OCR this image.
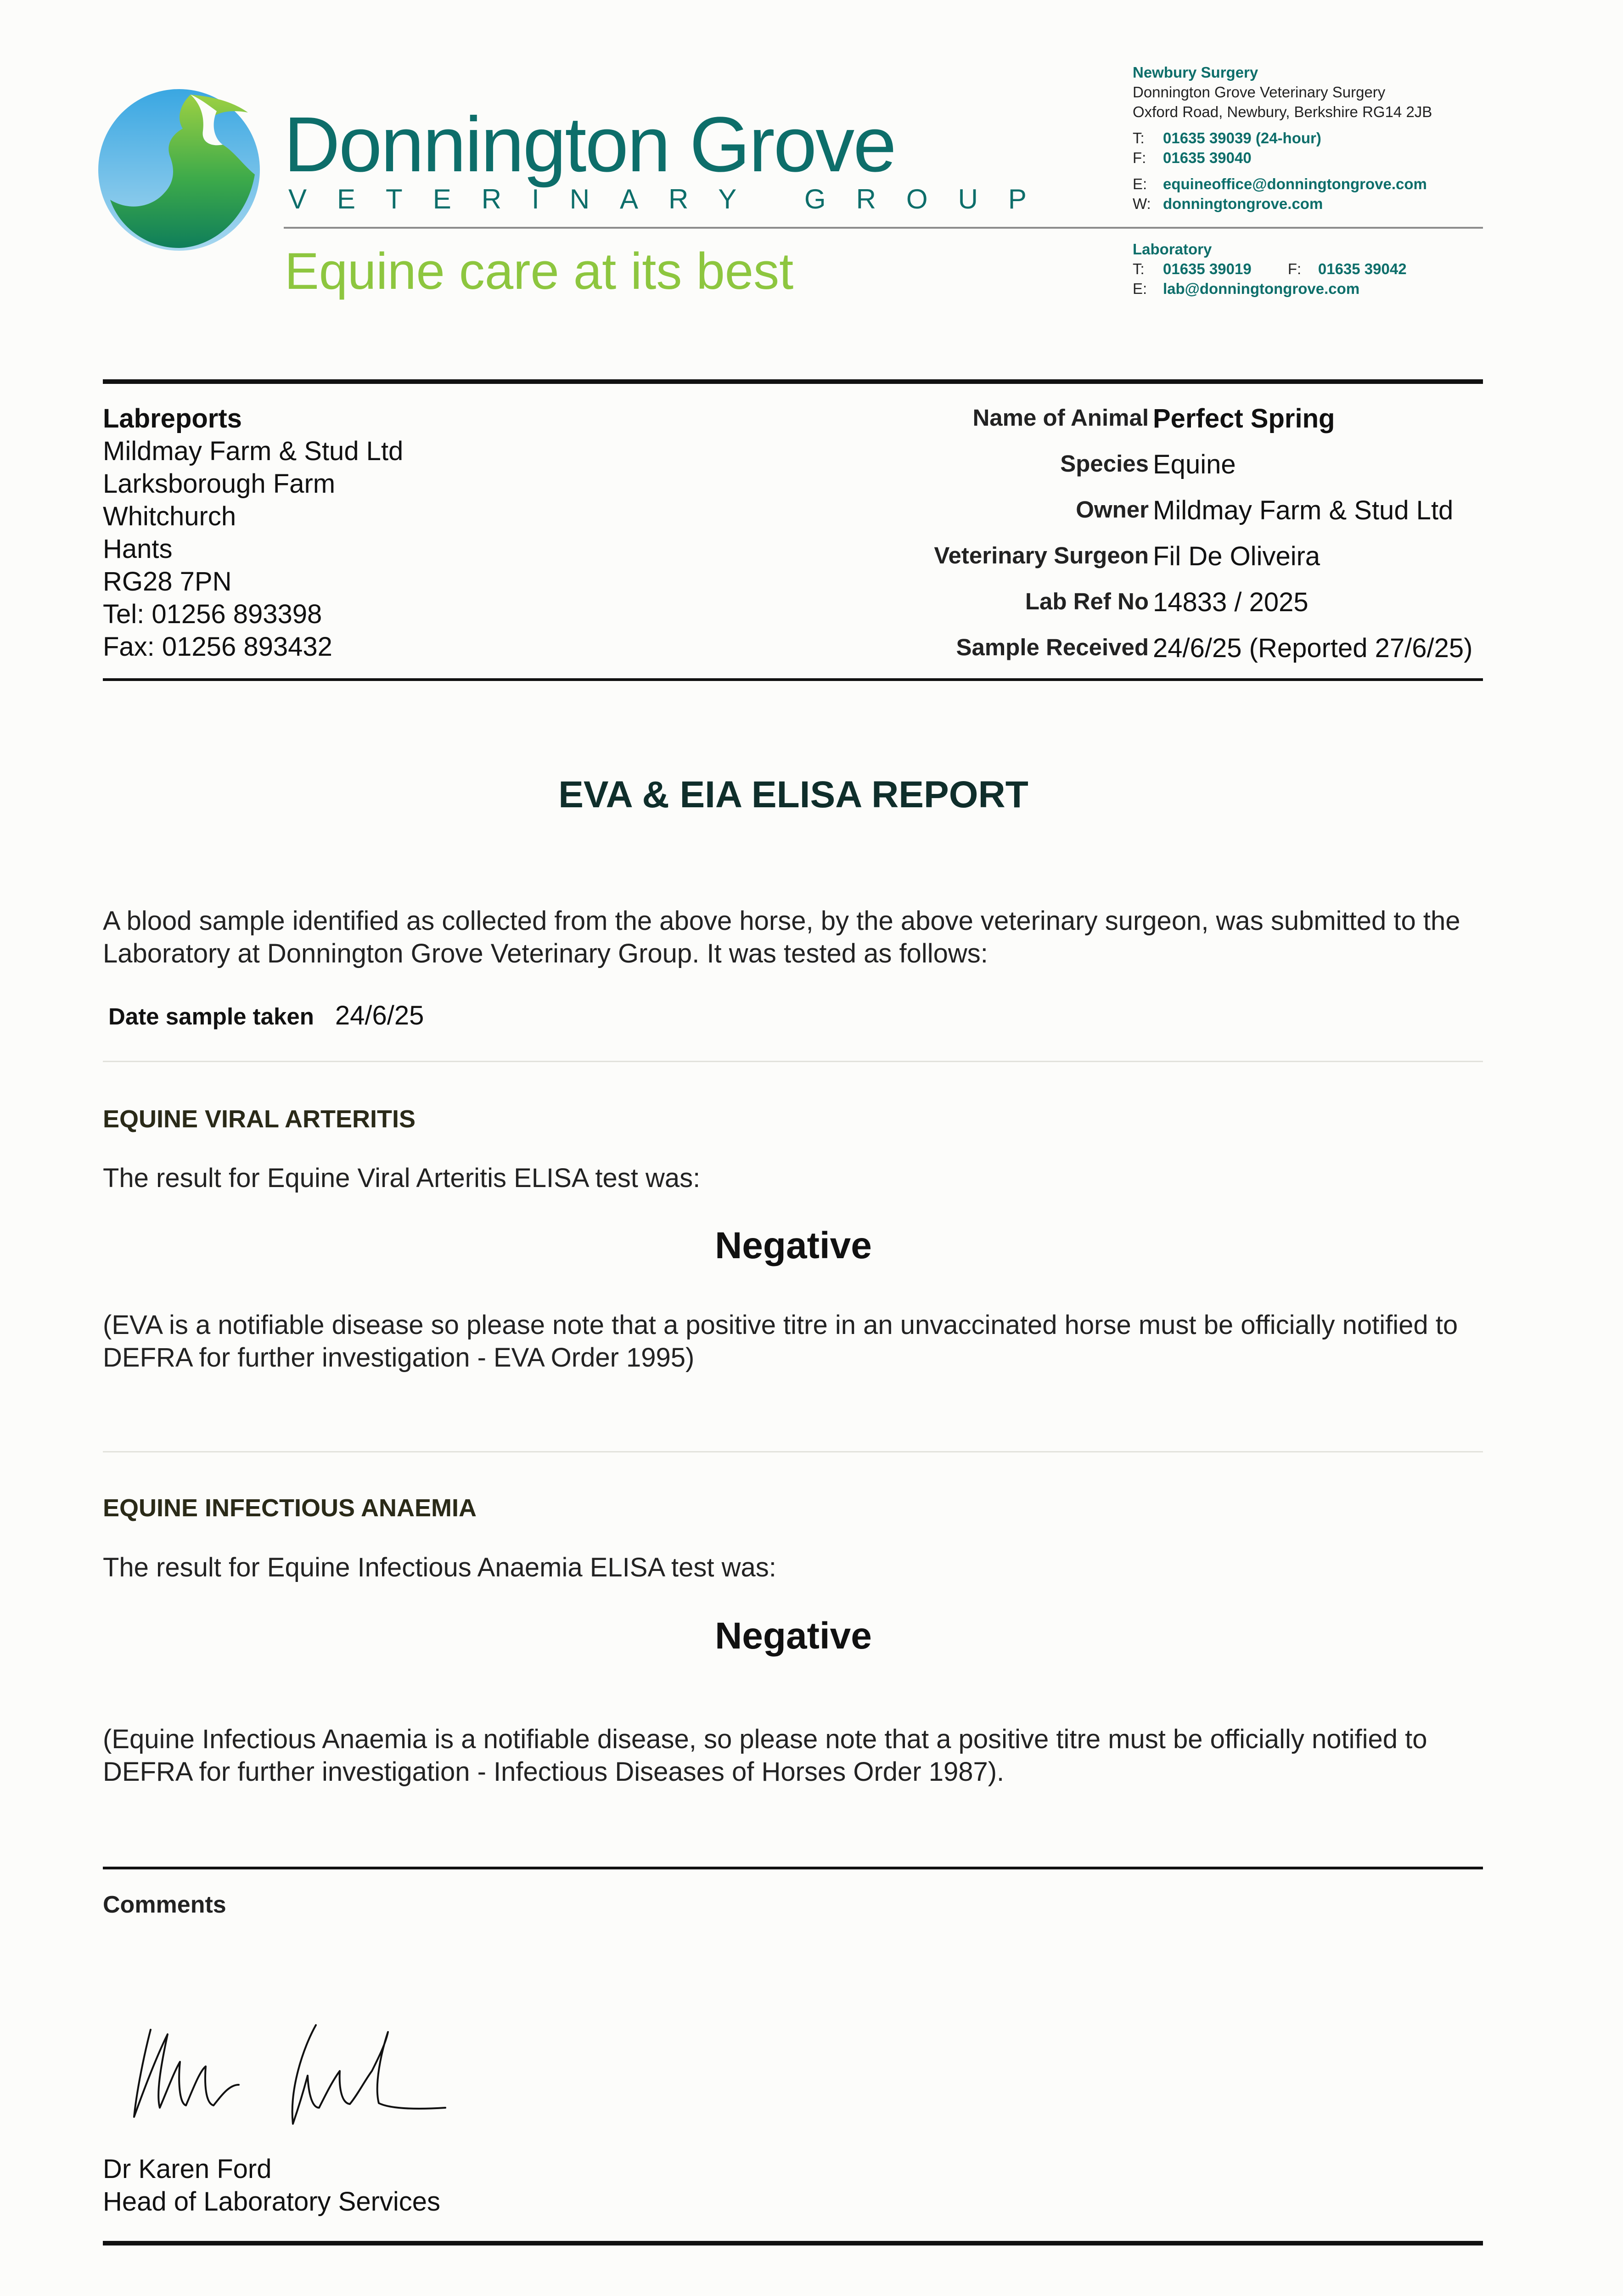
Donnington Grove
VETERINARY GROUP
Equine care at its best
Newbury Surgery
Donnington Grove Veterinary Surgery
Oxford Road, Newbury, Berkshire RG14 2JB
T: 01635 39039 (24-hour)
F: 01635 39040
E: equineoffice@donningtongrove.com
W: donningtongrove.com
Laboratory
T: 01635 39019 F: 01635 39042
E: lab@donningtongrove.com
Labreports
Mildmay Farm & Stud Ltd
Larksborough Farm
Whitchurch
Hants
RG28 7PN
Tel: 01256 893398
Fax: 01256 893432
Name of Animal Perfect Spring
Species Equine
Owner Mildmay Farm & Stud Ltd
Veterinary Surgeon Fil De Oliveira
Lab Ref No 14833 / 2025
Sample Received 24/6/25 (Reported 27/6/25)
EVA & EIA ELISA REPORT
A blood sample identified as collected from the above horse, by the above veterinary surgeon, was submitted to the Laboratory at Donnington Grove Veterinary Group. It was tested as follows:
Date sample taken 24/6/25
EQUINE VIRAL ARTERITIS
The result for Equine Viral Arteritis ELISA test was:
Negative
(EVA is a notifiable disease so please note that a positive titre in an unvaccinated horse must be officially notified to DEFRA for further investigation - EVA Order 1995)
EQUINE INFECTIOUS ANAEMIA
The result for Equine Infectious Anaemia ELISA test was:
Negative
(Equine Infectious Anaemia is a notifiable disease, so please note that a positive titre must be officially notified to DEFRA for further investigation - Infectious Diseases of Horses Order 1987).
Comments
Dr Karen Ford
Head of Laboratory Services
